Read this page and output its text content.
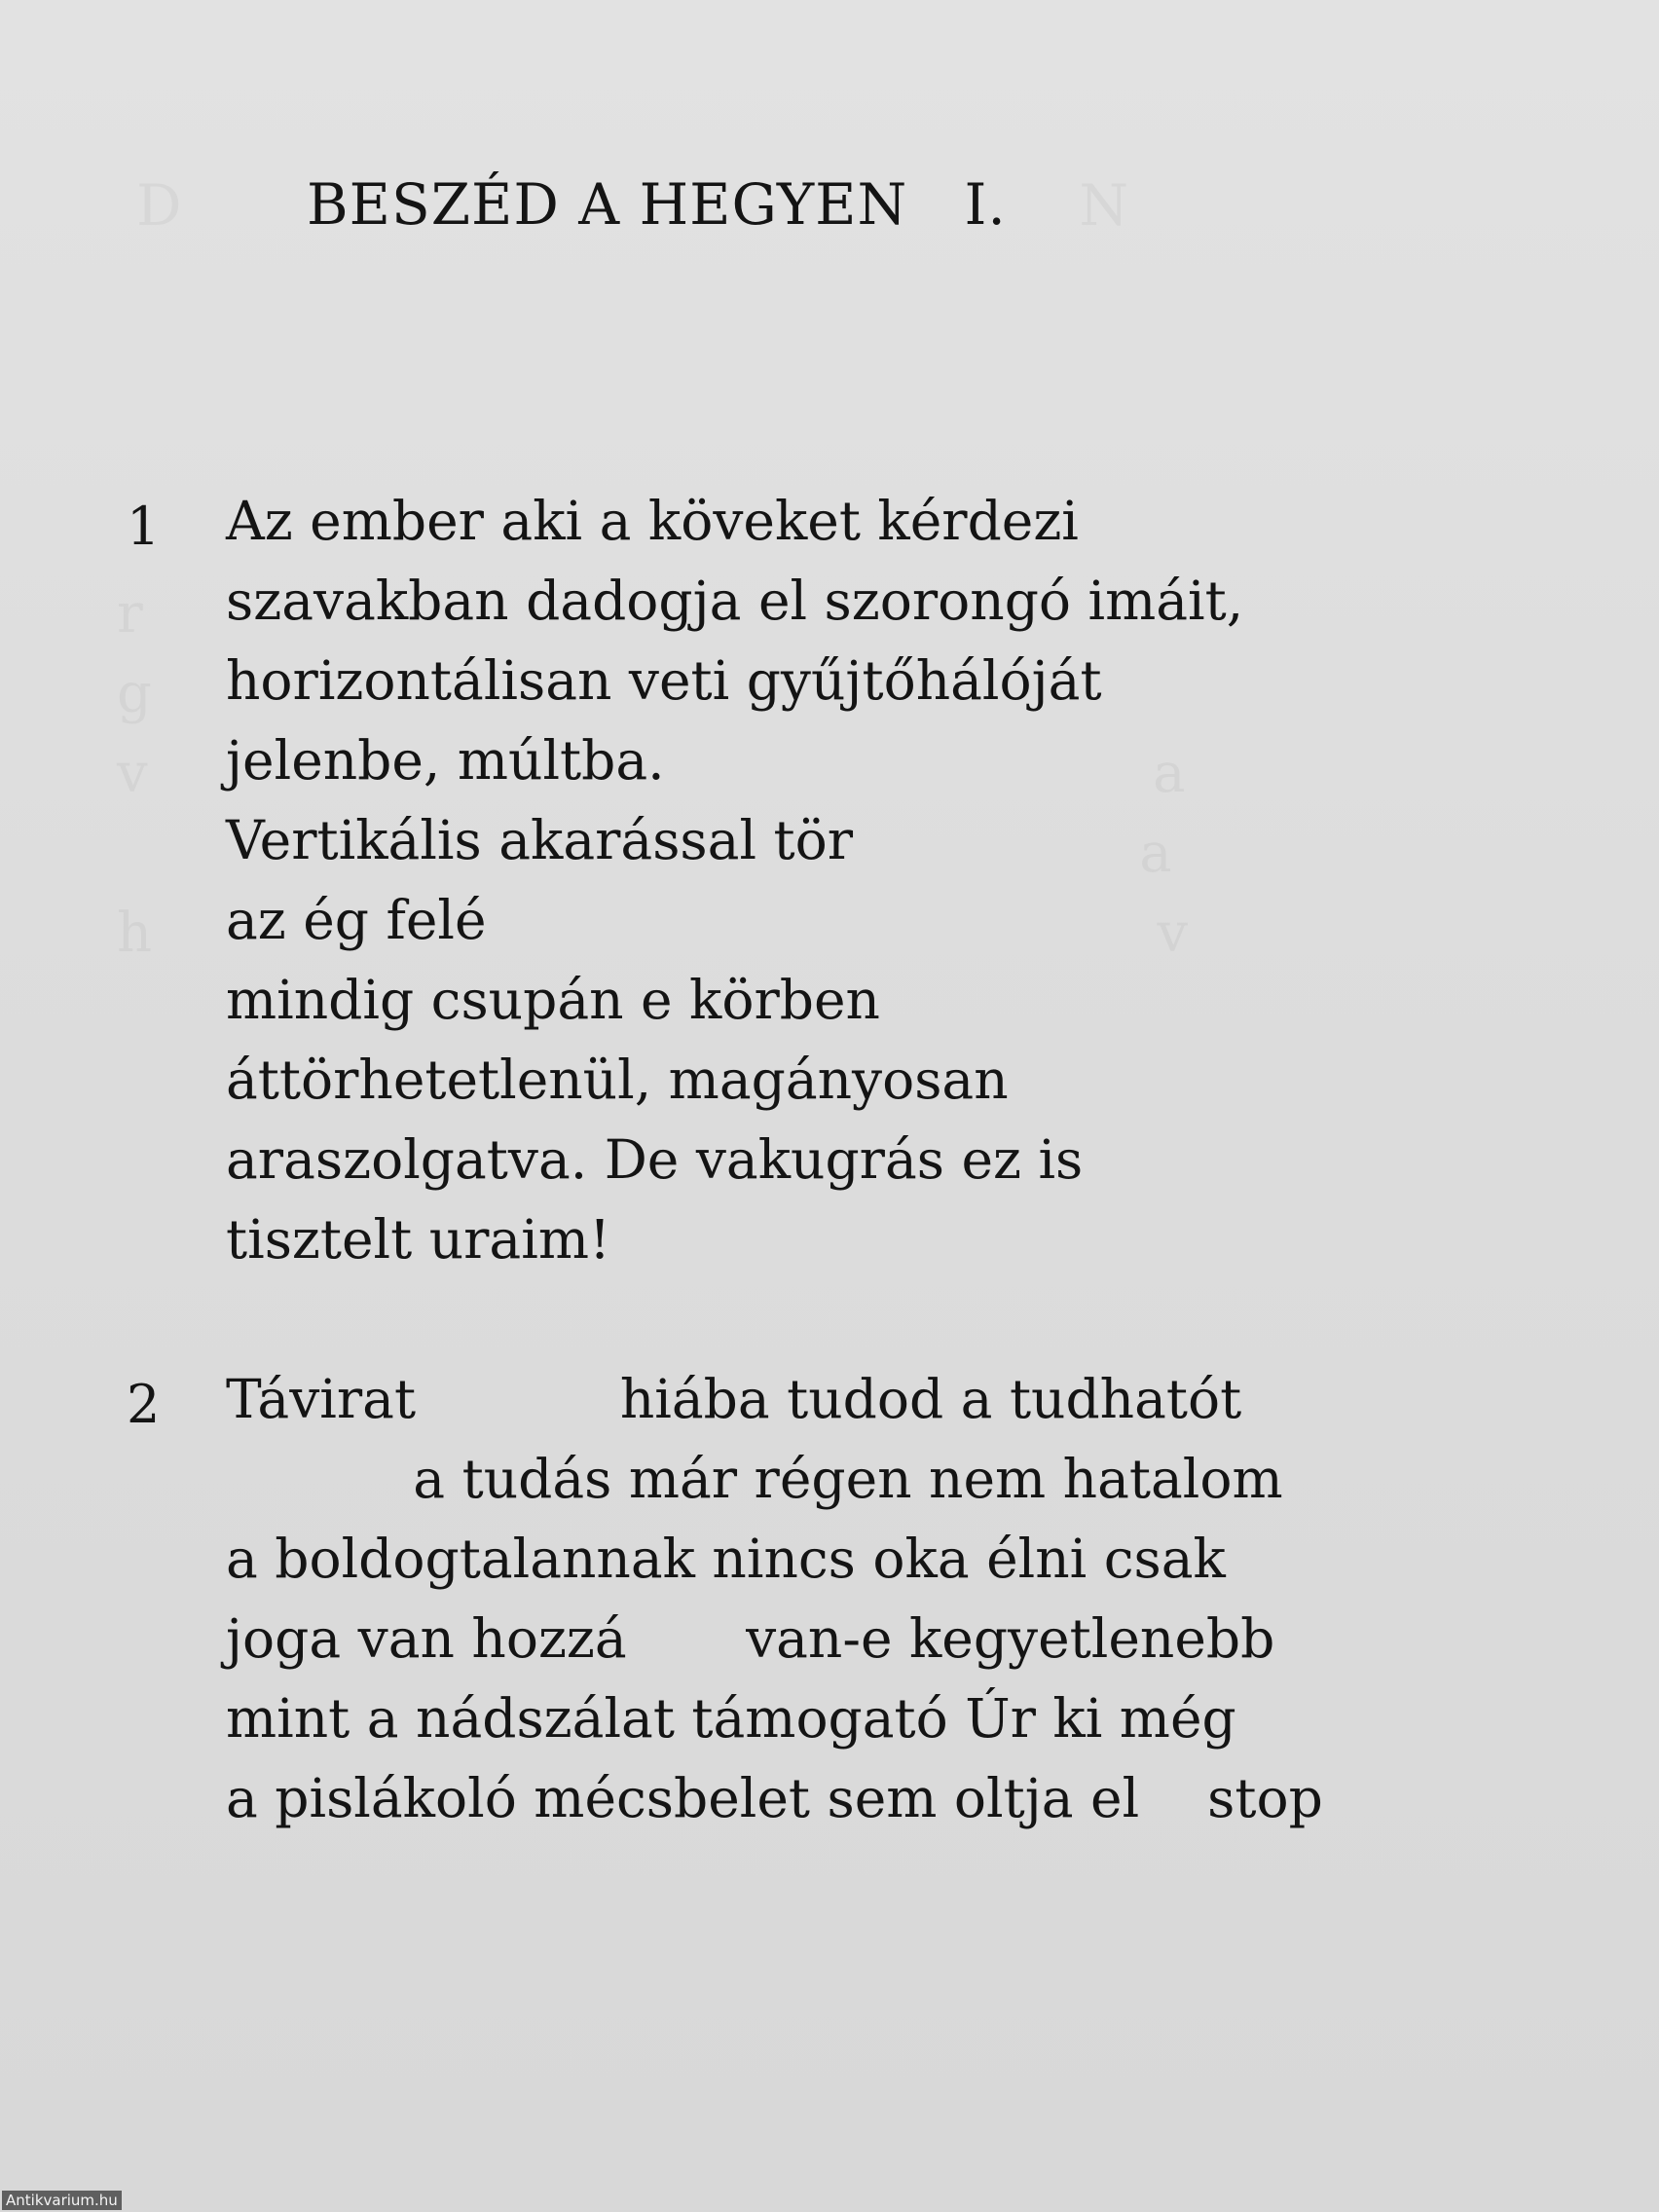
BESZÉD A HEGYEN   I.
1 Az ember aki a köveket kérdezi
szavakban dadogja el szorongó imáit,
horizontálisan veti gyűjtőhálóját
jelenbe, múltba.
Vertikális akarással tör
az ég felé
mindig csupán e körben
áttörhetetlenül, magányosan
araszolgatva. De vakugrás ez is
tisztelt uraim!
2 Távirat            hiába tudod a tudhatót
a tudás már régen nem hatalom
a boldogtalannak nincs oka élni csak
joga van hozzá       van-e kegyetlenebb
mint a nádszálat támogató Úr ki még
a pislákoló mécsbelet sem oltja el    stop
Antikvarium.hu
